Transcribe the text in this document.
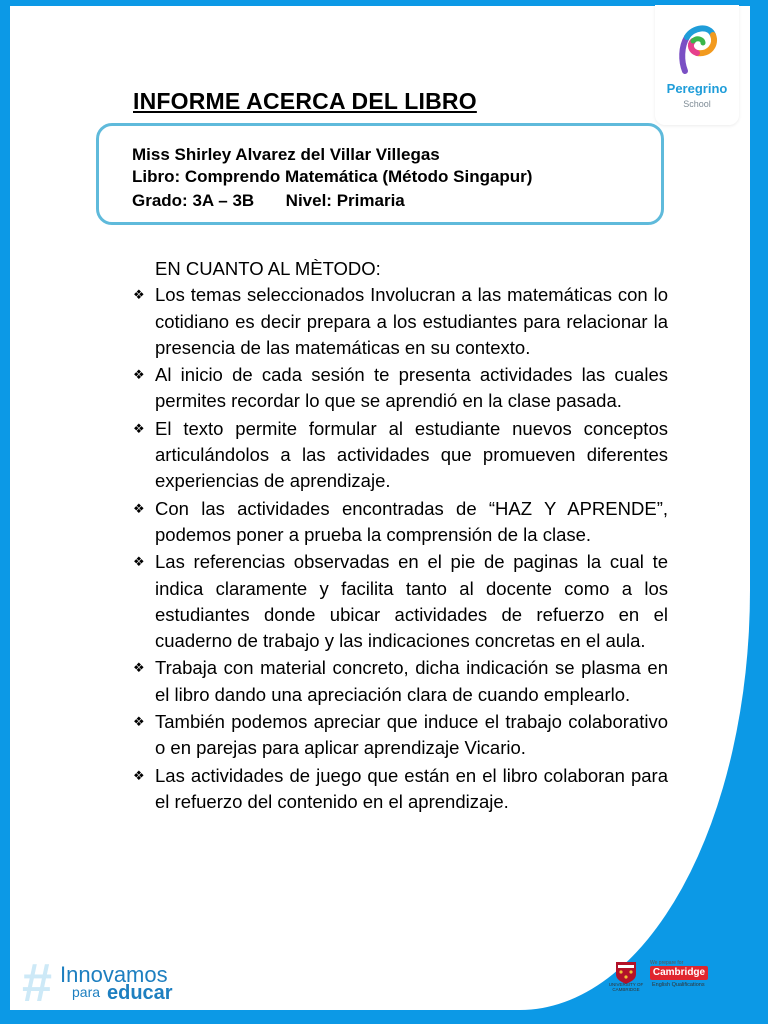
Peregrino
School
INFORME ACERCA DEL LIBRO
Miss Shirley Alvarez del Villar Villegas
Libro: Comprendo Matemática (Método Singapur)
Grado: 3A – 3B Nivel: Primaria
EN CUANTO AL MÈTODO:
❖ Los temas seleccionados Involucran a las matemáticas con lo cotidiano es decir prepara a los estudiantes para relacionar la presencia de las matemáticas en su contexto.
❖ Al inicio de cada sesión te presenta actividades las cuales permites recordar lo que se aprendió en la clase pasada.
❖ El texto permite formular al estudiante nuevos conceptos articulándolos a las actividades que promueven diferentes experiencias de aprendizaje.
❖ Con las actividades encontradas de “HAZ Y APRENDE”, podemos poner a prueba la comprensión de la clase.
❖ Las referencias observadas en el pie de paginas la cual te indica claramente y facilita tanto al docente como a los estudiantes donde ubicar actividades de refuerzo en el cuaderno de trabajo y las indicaciones concretas en el aula.
❖ Trabaja con material concreto, dicha indicación se plasma en el libro dando una apreciación clara de cuando emplearlo.
❖ También podemos apreciar que induce el trabajo colaborativo o en parejas para aplicar aprendizaje Vicario.
❖ Las actividades de juego que están en el libro colaboran para el refuerzo del contenido en el aprendizaje.
# Innovamos
para educar	UNIVERSITY OF CAMBRIDGE
We prepare for
Cambridge
English Qualifications
